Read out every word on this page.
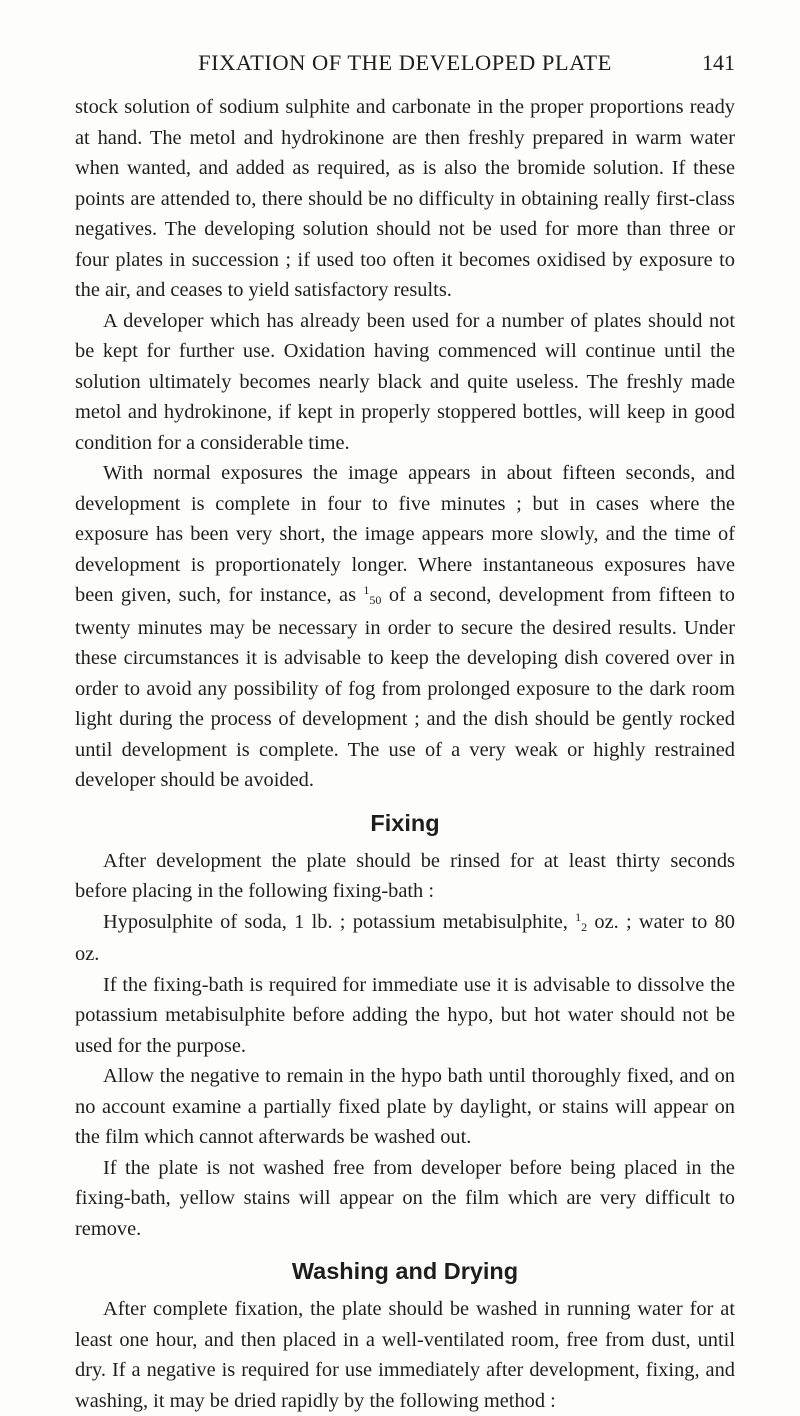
FIXATION OF THE DEVELOPED PLATE	141

stock solution of sodium sulphite and carbonate in the proper proportions ready at hand. The metol and hydrokinone are then freshly prepared in warm water when wanted, and added as required, as is also the bromide solution. If these points are attended to, there should be no difficulty in obtaining really first-class negatives. The developing solution should not be used for more than three or four plates in succession ; if used too often it becomes oxidised by exposure to the air, and ceases to yield satisfactory results.

A developer which has already been used for a number of plates should not be kept for further use. Oxidation having commenced will continue until the solution ultimately becomes nearly black and quite useless. The freshly made metol and hydrokinone, if kept in properly stoppered bottles, will keep in good condition for a considerable time.

With normal exposures the image appears in about fifteen seconds, and development is complete in four to five minutes ; but in cases where the exposure has been very short, the image appears more slowly, and the time of development is proportionately longer. Where instantaneous exposures have been given, such, for instance, as 150 of a second, development from fifteen to twenty minutes may be necessary in order to secure the desired results. Under these circumstances it is advisable to keep the developing dish covered over in order to avoid any possibility of fog from prolonged exposure to the dark room light during the process of development ; and the dish should be gently rocked until development is complete. The use of a very weak or highly restrained developer should be avoided.

Fixing

After development the plate should be rinsed for at least thirty seconds before placing in the following fixing-bath :

Hyposulphite of soda, 1 lb. ; potassium metabisulphite, 12 oz. ; water to 80 oz.

If the fixing-bath is required for immediate use it is advisable to dissolve the potassium metabisulphite before adding the hypo, but hot water should not be used for the purpose.

Allow the negative to remain in the hypo bath until thoroughly fixed, and on no account examine a partially fixed plate by daylight, or stains will appear on the film which cannot afterwards be washed out.

If the plate is not washed free from developer before being placed in the fixing-bath, yellow stains will appear on the film which are very difficult to remove.

Washing and Drying

After complete fixation, the plate should be washed in running water for at least one hour, and then placed in a well-ventilated room, free from dust, until dry. If a negative is required for use immediately after development, fixing, and washing, it may be dried rapidly by the following method :
